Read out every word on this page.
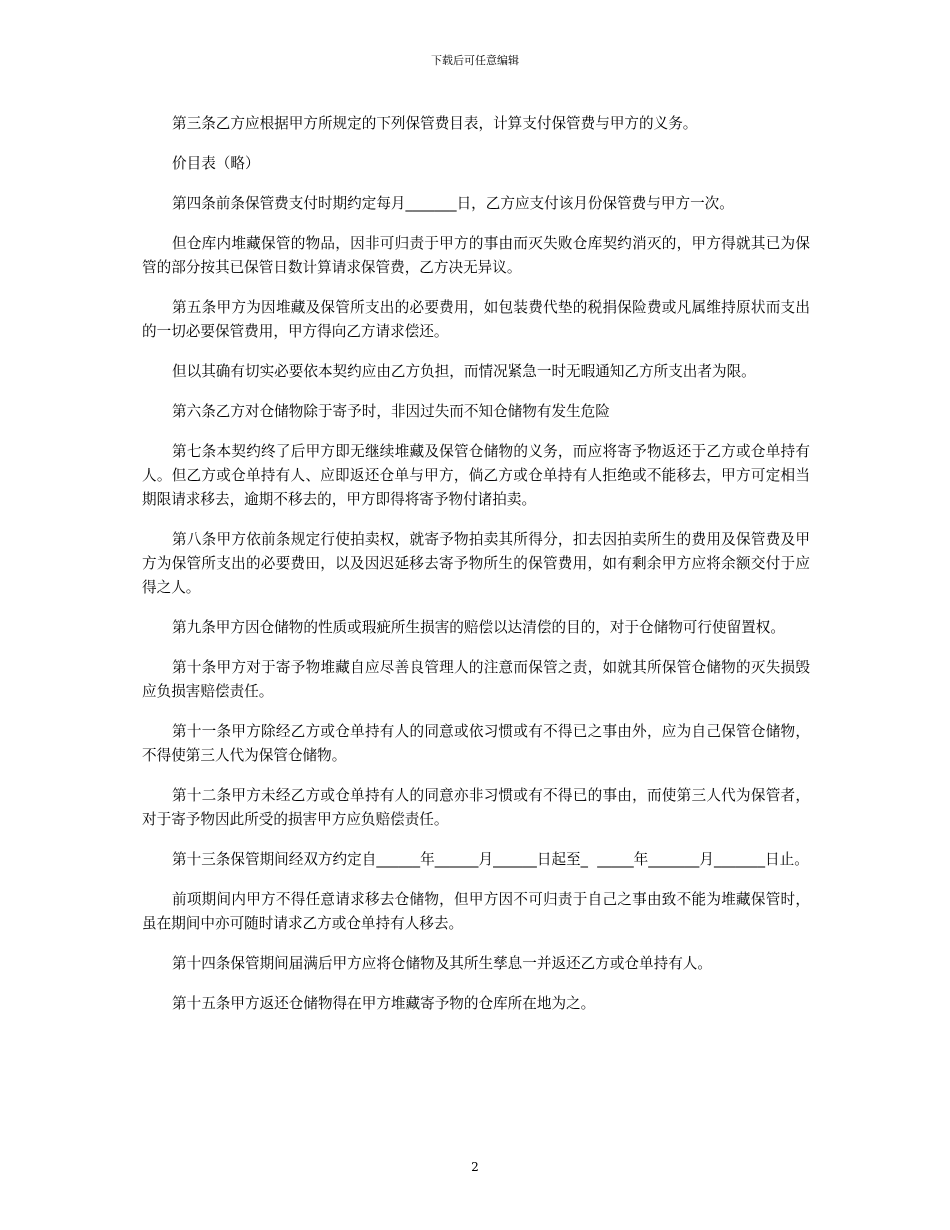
下载后可任意编辑

第三条乙方应根据甲方所规定的下列保管费目表，计算支付保管费与甲方的义务。

价目表（略）

第四条前条保管费支付时期约定每月_______日，乙方应支付该月份保管费与甲方一次。

但仓库内堆藏保管的物品，因非可归责于甲方的事由而灭失败仓库契约消灭的，甲方得就其已为保管的部分按其已保管日数计算请求保管费，乙方决无异议。

第五条甲方为因堆藏及保管所支出的必要费用，如包装费代垫的税捐保险费或凡属维持原状而支出的一切必要保管费用，甲方得向乙方请求偿还。

但以其确有切实必要依本契约应由乙方负担，而情况紧急一时无暇通知乙方所支出者为限。

第六条乙方对仓储物除于寄予时，非因过失而不知仓储物有发生危险

第七条本契约终了后甲方即无继续堆藏及保管仓储物的义务，而应将寄予物返还于乙方或仓单持有人。但乙方或仓单持有人、应即返还仓单与甲方，倘乙方或仓单持有人拒绝或不能移去，甲方可定相当期限请求移去，逾期不移去的，甲方即得将寄予物付诸拍卖。

第八条甲方依前条规定行使拍卖权，就寄予物拍卖其所得分，扣去因拍卖所生的费用及保管费及甲方为保管所支出的必要费田，以及因迟延移去寄予物所生的保管费用，如有剩余甲方应将余额交付于应得之人。

第九条甲方因仓储物的性质或瑕疵所生损害的赔偿以达清偿的目的，对于仓储物可行使留置权。

第十条甲方对于寄予物堆藏自应尽善良管理人的注意而保管之责，如就其所保管仓储物的灭失损毁应负损害赔偿责任。

第十一条甲方除经乙方或仓单持有人的同意或依习惯或有不得已之事由外，应为自己保管仓储物，不得使第三人代为保管仓储物。

第十二条甲方未经乙方或仓单持有人的同意亦非习惯或有不得已的事由，而使第三人代为保管者，对于寄予物因此所受的损害甲方应负赔偿责任。

第十三条保管期间经双方约定自______年______月______日起至_  _____年_______月_______日止。

前项期间内甲方不得任意请求移去仓储物，但甲方因不可归责于自己之事由致不能为堆藏保管时，虽在期间中亦可随时请求乙方或仓单持有人移去。

第十四条保管期间届满后甲方应将仓储物及其所生孳息一并返还乙方或仓单持有人。

第十五条甲方返还仓储物得在甲方堆藏寄予物的仓库所在地为之。

2
